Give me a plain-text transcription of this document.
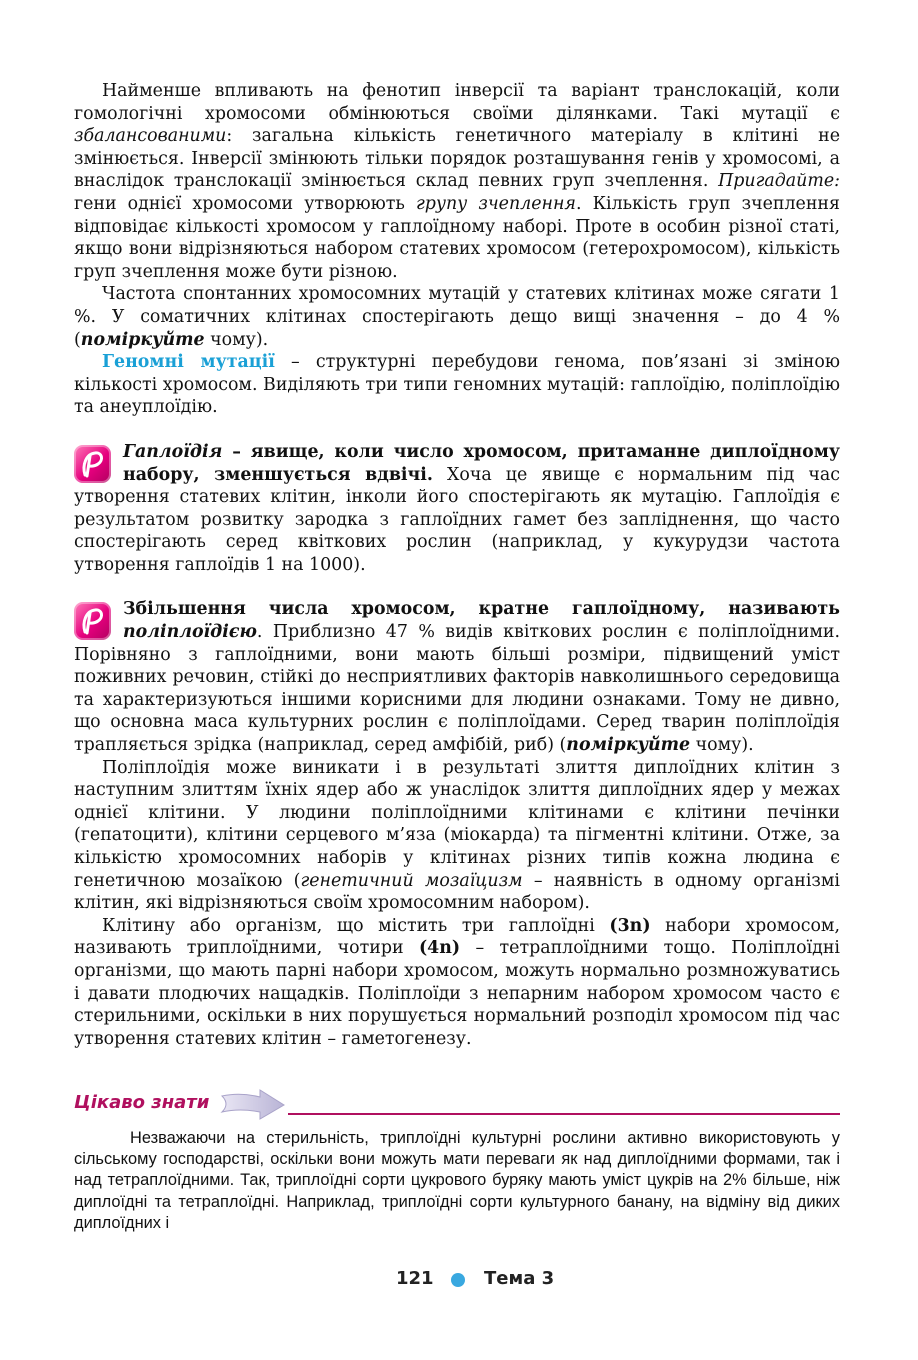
Найменше впливають на фенотип інверсії та варіант транслокацій, коли гомологічні хромосоми обмінюються своїми ділянками. Такі мутації є збалансованими: загальна кількість генетичного матеріалу в клітині не змінюється. Інверсії змінюють тільки порядок розташування генів у хромосомі, а внаслідок транслокації змінюється склад певних груп зчеплення. Пригадайте: гени однієї хромосоми утворюють групу зчеплення. Кількість груп зчеплення відповідає кількості хромосом у гаплоїдному наборі. Проте в особин різної статі, якщо вони відрізняються набором статевих хромосом (гетерохромосом), кількість груп зчеплення може бути різною.

Частота спонтанних хромосомних мутацій у статевих клітинах може сягати 1 %. У соматичних клітинах спостерігають дещо вищі значення – до 4 % (поміркуйте чому).

Геномні мутації – структурні перебудови генома, пов’язані зі зміною кількості хромосом. Виділяють три типи геномних мутацій: гаплоїдію, поліплоїдію та анеуплоїдію.

Гаплоїдія – явище, коли число хромосом, притаманне диплоїдному набору, зменшується вдвічі. Хоча це явище є нормальним під час утворення статевих клітин, інколи його спостерігають як мутацію. Гаплоїдія є результатом розвитку зародка з гаплоїдних гамет без запліднення, що часто спостерігають серед квіткових рослин (наприклад, у кукурудзи частота утворення гаплоїдів 1 на 1000).

Збільшення числа хромосом, кратне гаплоїдному, називають поліплоїдією. Приблизно 47 % видів квіткових рослин є поліплоїдними. Порівняно з гаплоїдними, вони мають більші розміри, підвищений уміст поживних речовин, стійкі до несприятливих факторів навколишнього середовища та характеризуються іншими корисними для людини ознаками. Тому не дивно, що основна маса культурних рослин є поліплоїдами. Серед тварин поліплоїдія трапляється зрідка (наприклад, серед амфібій, риб) (поміркуйте чому).

Поліплоїдія може виникати і в результаті злиття диплоїдних клітин з наступним злиттям їхніх ядер або ж унаслідок злиття диплоїдних ядер у межах однієї клітини. У людини поліплоїдними клітинами є клітини печінки (гепатоцити), клітини серцевого м’яза (міокарда) та пігментні клітини. Отже, за кількістю хромосомних наборів у клітинах різних типів кожна людина є генетичною мозаїкою (генетичний мозаїцизм – наявність в одному організмі клітин, які відрізняються своїм хромосомним набором).

Клітину або організм, що містить три гаплоїдні (3n) набори хромосом, називають триплоїдними, чотири (4n) – тетраплоїдними тощо. Поліплоїдні організми, що мають парні набори хромосом, можуть нормально розмножуватись і давати плодючих нащадків. Поліплоїди з непарним набором хромосом часто є стерильними, оскільки в них порушується нормальний розподіл хромосом під час утворення статевих клітин – гаметогенезу.

Цікаво знати

Незважаючи на стерильність, триплоїдні культурні рослини активно використовують у сільському господарстві, оскільки вони можуть мати переваги як над диплоїдними формами, так і над тетраплоїдними. Так, триплоїдні сорти цукрового буряку мають уміст цукрів на 2% більше, ніж диплоїдні та тетраплоїдні. Наприклад, триплоїдні сорти культурного банану, на відміну від диких диплоїдних і

121	Тема 3
